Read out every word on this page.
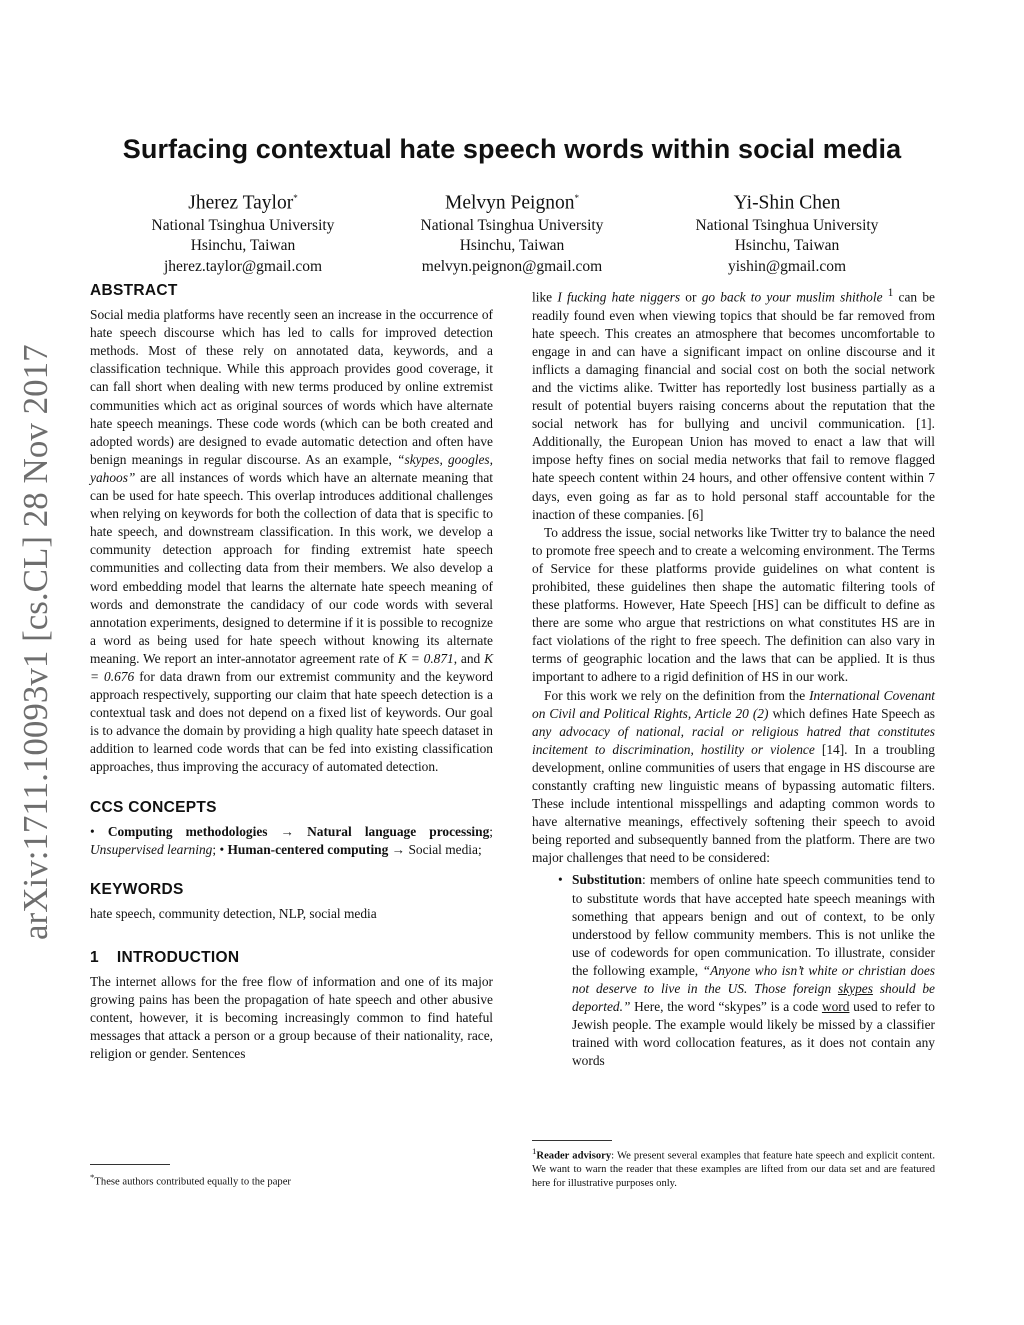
arXiv:1711.10093v1 [cs.CL] 28 Nov 2017
Surfacing contextual hate speech words within social media
Jherez Taylor*
National Tsinghua University
Hsinchu, Taiwan
jherez.taylor@gmail.com
Melvyn Peignon*
National Tsinghua University
Hsinchu, Taiwan
melvyn.peignon@gmail.com
Yi-Shin Chen
National Tsinghua University
Hsinchu, Taiwan
yishin@gmail.com
ABSTRACT

Social media platforms have recently seen an increase in the occurrence of hate speech discourse which has led to calls for improved detection methods. Most of these rely on annotated data, keywords, and a classification technique. While this approach provides good coverage, it can fall short when dealing with new terms produced by online extremist communities which act as original sources of words which have alternate hate speech meanings. These code words (which can be both created and adopted words) are designed to evade automatic detection and often have benign meanings in regular discourse. As an example, “skypes, googles, yahoos” are all instances of words which have an alternate meaning that can be used for hate speech. This overlap introduces additional challenges when relying on keywords for both the collection of data that is specific to hate speech, and downstream classification. In this work, we develop a community detection approach for finding extremist hate speech communities and collecting data from their members. We also develop a word embedding model that learns the alternate hate speech meaning of words and demonstrate the candidacy of our code words with several annotation experiments, designed to determine if it is possible to recognize a word as being used for hate speech without knowing its alternate meaning. We report an inter-annotator agreement rate of K = 0.871, and K = 0.676 for data drawn from our extremist community and the keyword approach respectively, supporting our claim that hate speech detection is a contextual task and does not depend on a fixed list of keywords. Our goal is to advance the domain by providing a high quality hate speech dataset in addition to learned code words that can be fed into existing classification approaches, thus improving the accuracy of automated detection.

CCS CONCEPTS

• Computing methodologies → Natural language processing; Unsupervised learning; • Human-centered computing → Social media;

KEYWORDS

hate speech, community detection, NLP, social media

1 INTRODUCTION

The internet allows for the free flow of information and one of its major growing pains has been the propagation of hate speech and other abusive content, however, it is becoming increasingly common to find hateful messages that attack a person or a group because of their nationality, race, religion or gender. Sentences

*These authors contributed equally to the paper

like I fucking hate niggers or go back to your muslim shithole $^1$ can be readily found even when viewing topics that should be far removed from hate speech. This creates an atmosphere that becomes uncomfortable to engage in and can have a significant impact on online discourse and it inflicts a damaging financial and social cost on both the social network and the victims alike. Twitter has reportedly lost business partially as a result of potential buyers raising concerns about the reputation that the social network has for bullying and uncivil communication. [1]. Additionally, the European Union has moved to enact a law that will impose hefty fines on social media networks that fail to remove flagged hate speech content within 24 hours, and other offensive content within 7 days, even going as far as to hold personal staff accountable for the inaction of these companies. [6]

To address the issue, social networks like Twitter try to balance the need to promote free speech and to create a welcoming environment. The Terms of Service for these platforms provide guidelines on what content is prohibited, these guidelines then shape the automatic filtering tools of these platforms. However, Hate Speech [HS] can be difficult to define as there are some who argue that restrictions on what constitutes HS are in fact violations of the right to free speech. The definition can also vary in terms of geographic location and the laws that can be applied. It is thus important to adhere to a rigid definition of HS in our work.

For this work we rely on the definition from the International Covenant on Civil and Political Rights, Article 20 (2) which defines Hate Speech as any advocacy of national, racial or religious hatred that constitutes incitement to discrimination, hostility or violence [14]. In a troubling development, online communities of users that engage in HS discourse are constantly crafting new linguistic means of bypassing automatic filters. These include intentional misspellings and adapting common words to have alternative meanings, effectively softening their speech to avoid being reported and subsequently banned from the platform. There are two major challenges that need to be considered:

• Substitution: members of online hate speech communities tend to to substitute words that have accepted hate speech meanings with something that appears benign and out of context, to be only understood by fellow community members. This is not unlike the use of codewords for open communication. To illustrate, consider the following example, “Anyone who isn’t white or christian does not deserve to live in the US. Those foreign skypes should be deported.” Here, the word “skypes” is a code word used to refer to Jewish people. The example would likely be missed by a classifier trained with word collocation features, as it does not contain any words

$^1$Reader advisory: We present several examples that feature hate speech and explicit content. We want to warn the reader that these examples are lifted from our data set and are featured here for illustrative purposes only.
